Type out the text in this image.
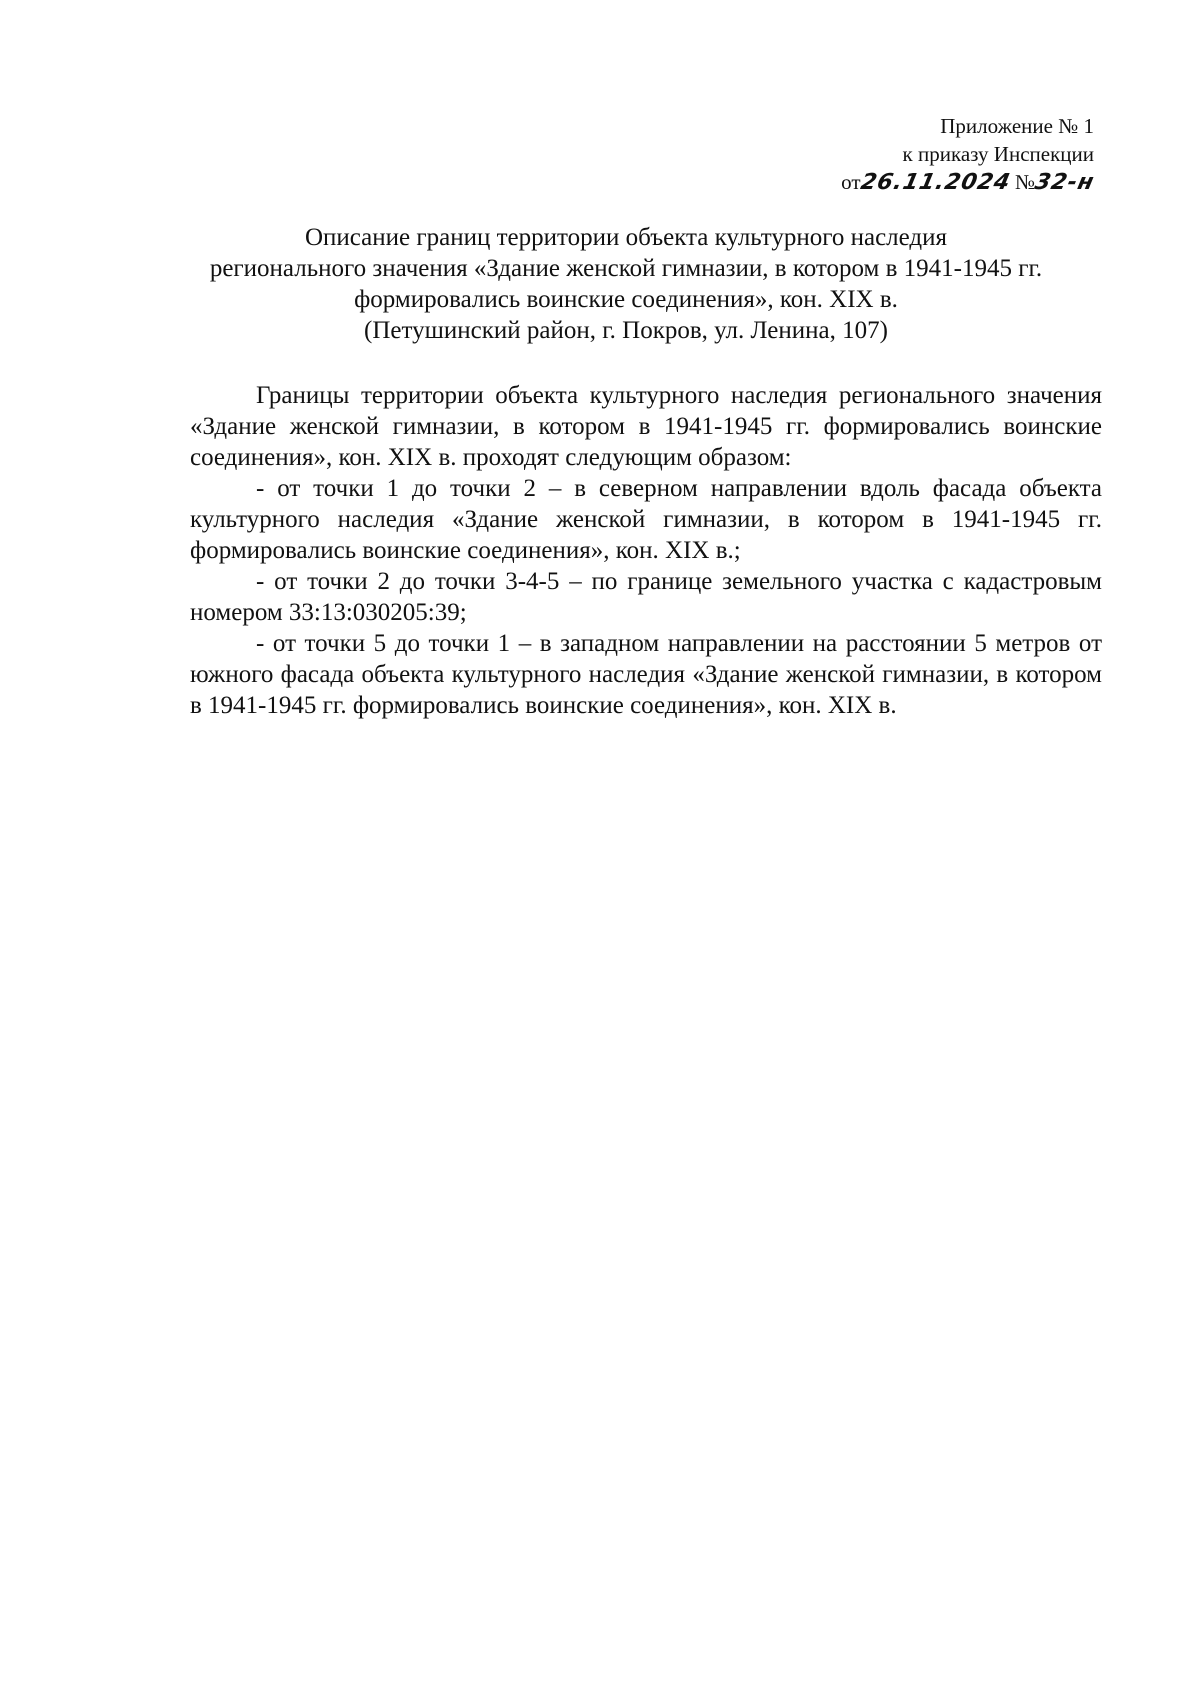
Приложение № 1
к приказу Инспекции
от26.11.2024 №32-н
Описание границ территории объекта культурного наследия
регионального значения «Здание женской гимназии, в котором в 1941-1945 гг.
формировались воинские соединения», кон. XIX в.
(Петушинский район, г. Покров, ул. Ленина, 107)

Границы территории объекта культурного наследия регионального значения «Здание женской гимназии, в котором в 1941-1945 гг. формировались воинские соединения», кон. XIX в. проходят следующим образом:

- от точки 1 до точки 2 – в северном направлении вдоль фасада объекта культурного наследия «Здание женской гимназии, в котором в 1941-1945 гг. формировались воинские соединения», кон. XIX в.;

- от точки 2 до точки 3-4-5 – по границе земельного участка с кадастровым номером 33:13:030205:39;

- от точки 5 до точки 1 – в западном направлении на расстоянии 5 метров от южного фасада объекта культурного наследия «Здание женской гимназии, в котором в 1941-1945 гг. формировались воинские соединения», кон. XIX в.
